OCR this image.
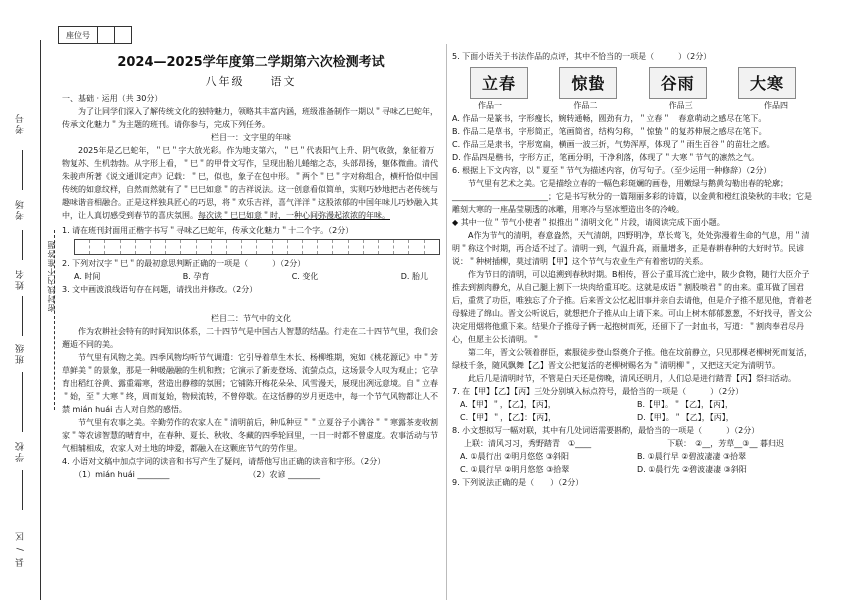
座位号
考号
考场
姓名
班级
学校
县 / 区
密封线内不准答题
2024—2025学年度第二学期第六次检测考试
八年级　　语文

一、基础 · 运用（共 30分）

为了让同学们深入了解传统文化的独特魅力，领略其丰富内涵，班级准备制作一期以＂寻味乙巳蛇年，传承文化魅力＂为主题的班刊。请你参与，完成下列任务。

栏目一：文字里的年味

2025年是乙巳蛇年，＂巳＂字大放光彩。作为地支第六，＂巳＂代表阳气上升、阴气收敛，象征着万物复苏、生机勃勃。从字形上看，＂巳＂的甲骨文写作，呈现出胎儿蜷缩之态，头部昂扬，躯体微曲。清代朱骏声所著《说文通训定声》记载：＂巳，似也，象子在包中形。＂两个＂巳＂字对称组合，横杆恰似中国传统的如意纹样，自然而然就有了＂巳巳如意＂的吉祥说法。这一创意看似简单，实则巧妙地把古老传统与趣味谐音相融合。正是这样独具匠心的巧思，将＂欢乐吉祥，喜气洋洋＂这股浓郁的中国年味儿巧妙融入其中，让人真切感受到春节的喜庆氛围。每次读＂巳巳如意＂时，一种心间弥漫起浓浓的年味。

1. 请在班刊封面用正楷字书写＂寻味乙巳蛇年，传承文化魅力＂十二个字。（2分）

2. 下列对汉字＂巳＂的最初意思判断正确的一项是（　　　）（2分）

A. 时间	B. 孕育	C. 变化	D. 胎儿

3. 文中画波浪线语句存在问题，请找出并修改。（2分）

栏目二：节气中的文化

作为农耕社会特有的时间知识体系，二十四节气是中国古人智慧的结晶。行走在二十四节气里，我们会邂逅不同的美。

节气里有风物之美。四季风物均听节气调遣：它引导着草生木长、杨柳维期，宛如《桃花源记》中＂芳草鲜美＂的景象，那是一种暖融融的生机和煦；它演示了新麦登场、流萤点点，这场景令人叹为观止；它孕育出稻红谷黄、露重霜寒，营造出静穆的氛围；它铺陈开梅花朵朵、风雪漫天，展现出冽远意境。自＂立春＂始，至＂大寒＂终，周而复始，物候流转，不曾停歇。在这恬静的岁月更迭中，每一个节气风物都让人不禁 mián huái 古人对自然的感悟。

节气里有农事之美。辛勤劳作的农家人在＂清明前后，种瓜种豆＂＂立夏谷子小满谷＂＂寒露茶麦收割家＂等农谚智慧的晴育中，在春种、夏长、秋收、冬藏的四季轮回里，一日一时都不曾虚度。农事活动与节气相辅相成，农家人对土地的坤爱，都融入在这颗庶节气的劳作里。

4. 小语对文稿中加点字词的读音和书写产生了疑问，请帮他写出正确的读音和字形。（2分）

（1）mián huái ________	（2）农谚 ________

5. 下面小语关于书法作品的点评，其中不恰当的一项是（　　　）（2分）

立春	惊蛰	谷雨	大寒
作品一	作品二	作品三	作品四

A. 作品一是篆书，字形瘦长，婉转通畅，圆劲有力，＂立春＂　春意萌动之感尽在笔下。

B. 作品二是草书，字形简正，笔画简省，结构匀称，＂惊蛰＂的复苏伸展之感尽在笔下。

C. 作品三是隶书，字形宽扁，横画一波三折，气势浑厚，体现了＂雨生百谷＂的苗壮之感。

D. 作品四是楷书，字形方正，笔画分明，干净利落，体现了＂大寒＂节气的凛然之气。

6. 根据上下文内容，以＂夏至＂节气为描述内容，仿写句子。（至少运用一种修辞）（2分）

节气里有艺术之美。它是描绘立春的一幅色彩斑斓的画卷，用嫩绿与鹅黄勾勒出春的轮廓；________________________；它是书写秋分的一篇翔丽多彩的诗篇，以金黄和橙红浪染秋的丰收；它是雕刻大寒的一座晶莹剔透的冰雕，用寒冷与坚冰塑造出冬的冷峻。

◆ 其中一位＂节气小使者＂拟推出＂清明文化＂片段，请阅读完成下面小题。

A作为节气的清明，春意盎然，天气清朗，四野明净，草长莺飞，处处弥漫着生命的气息，用＂清明＂称这个时期，再合适不过了。清明一到，气温升高，雨量增多，正是春耕春种的大好时节。民谚说：＂种树插柳，莫过清明【甲】这个节气与农业生产有着密切的关系。

作为节日的清明，可以追溯到春秋时期。B相传，晋公子重耳流亡途中，陂少食物，随行大臣介子推去到割肉静允，从自己腿上割下一块肉给重耳吃。这就是成语＂割股啖君＂的由来。重耳做了国君后，重赏了功臣，唯独忘了介子推。后来晋文公忆起旧事并亲自去请他，但是介子推不愿见他，背着老母躲进了绵山。晋文公听说后，就想把介子推从山上请下来。可山上树木郁郁葱葱，不好找寻，晋文公决定用烟将他熏下来。结果介子推母子俩一起抱树而死，还留下了一封血书，写道：＂割肉奉君尽丹心，但愿主公长清明。＂

第二年，晋文公领着群臣，素服徒步登山祭奠介子推。他在坟前静立，只见那棵老柳树死而复活，绿枝千条，随风飘舞【乙】晋文公把复活的老柳树赐名为＂清明柳＂，又把这天定为清明节。

此后几是清明时节，不管是白天还是傍晚，清风还明月，人们总是进行踏青【丙】祭扫活动。

7. 在【甲】【乙】【丙】三处分别填入标点符号，最恰当的一项是（　　　）（2分）

A.【甲】＂，【乙】，【丙】，	B.【甲】。＂【乙】，【丙】，
C.【甲】＂，【乙】：【丙】，	D.【甲】。＂【乙】，【丙】，

8. 小文想拟写一幅对联，其中有几处词语需要斟酌，最恰当的一项是（　　　）（2分）

上联：清风习习，秀野踏青　①____	下联：　②__，芳草__③__ 暮归迟
A. ①晨行出 ②明月悠悠 ③斜阳	B. ①晨行早 ②碧波凄凄 ③拾翠
C. ①晨行早 ②明月悠悠 ③拾翠	D. ①晨行先 ②碧波凄凄 ③斜阳

9. 下列说法正确的是（　　）（2分）
